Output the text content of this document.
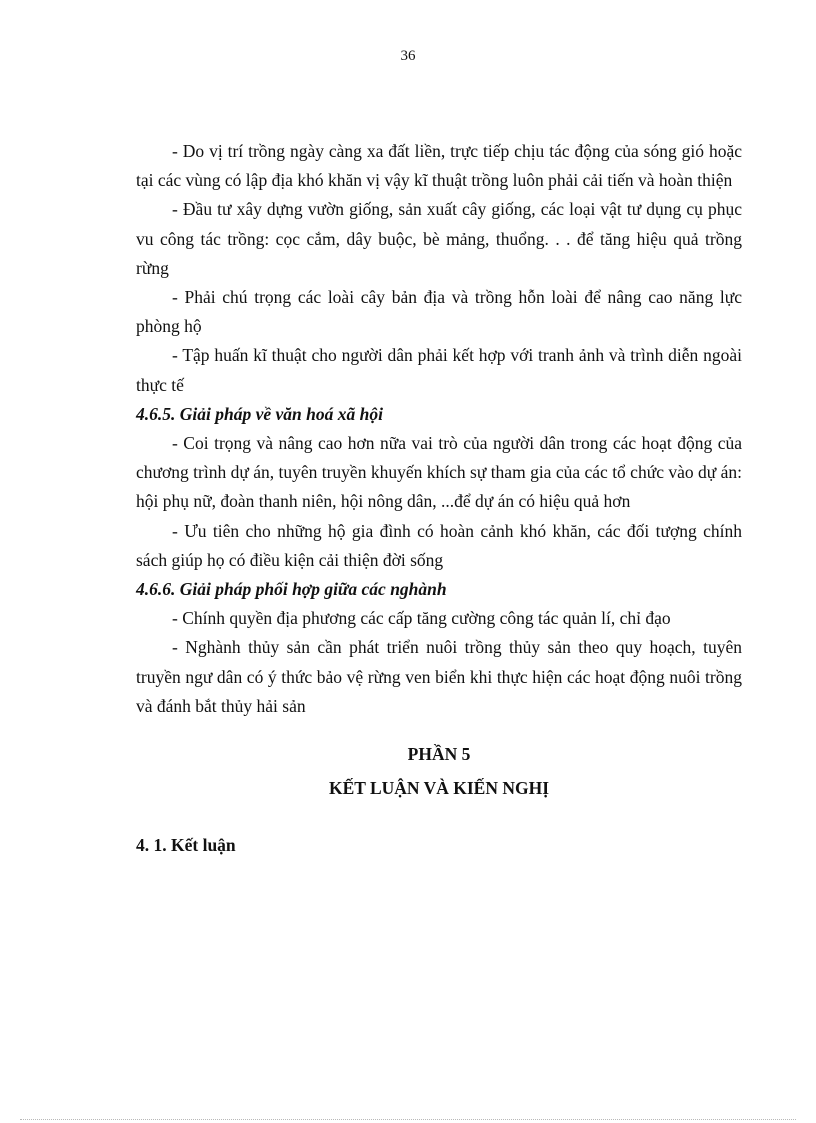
36

- Do vị trí trồng ngày càng xa đất liền, trực tiếp chịu tác động của sóng gió hoặc tại các vùng có lập địa khó khăn vị vậy kĩ thuật trồng luôn phải cải tiến và hoàn thiện

- Đầu tư xây dựng vườn giống, sản xuất cây giống, các loại vật tư dụng cụ phục vu công tác trồng: cọc cắm, dây buộc, bè mảng, thuổng. . . để tăng hiệu quả trồng rừng

- Phải chú trọng các loài cây bản địa và trồng hỗn loài để nâng cao năng lực phòng hộ

- Tập huấn kĩ thuật cho người dân phải kết hợp với tranh ảnh và trình diễn ngoài thực tế

4.6.5. Giải pháp về văn hoá xã hội

- Coi trọng và nâng cao hơn nữa vai trò của người dân trong các hoạt động của chương trình dự án, tuyên truyền khuyến khích sự tham gia của các tổ chức vào dự án: hội phụ nữ, đoàn thanh niên, hội nông dân, ...để dự án có hiệu quả hơn

- Ưu tiên cho những hộ gia đình có hoàn cảnh khó khăn, các đối tượng chính sách giúp họ có điều kiện cải thiện đời sống

4.6.6. Giải pháp phối hợp giữa các nghành

- Chính quyền địa phương các cấp tăng cường công tác quản lí, chỉ đạo

- Nghành thủy sản cần phát triển nuôi trồng thủy sản theo quy hoạch, tuyên truyền ngư dân có ý thức bảo vệ rừng ven biển khi thực hiện các hoạt động nuôi trồng và đánh bắt thủy hải sản

PHẦN 5

KẾT LUẬN VÀ KIẾN NGHỊ

4. 1. Kết luận
